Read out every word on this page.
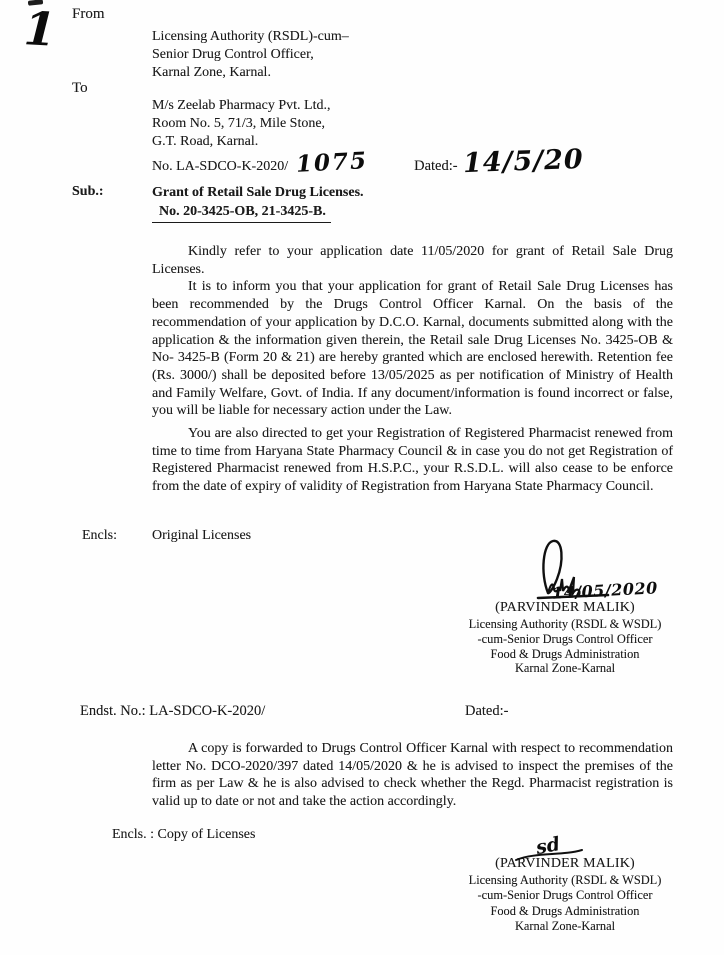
1 From
Licensing Authority (RSDL)-cum–
Senior Drug Control Officer,
Karnal Zone, Karnal.
To
M/s Zeelab Pharmacy Pvt. Ltd.,
Room No. 5, 71/3, Mile Stone,
G.T. Road, Karnal.
No. LA-SDCO-K-2020/ 1075	Dated:- 14/5/20
Sub.:	Grant of Retail Sale Drug Licenses.
No. 20-3425-OB, 21-3425-B.

Kindly refer to your application date 11/05/2020 for grant of Retail Sale Drug Licenses.

It is to inform you that your application for grant of Retail Sale Drug Licenses has been recommended by the Drugs Control Officer Karnal. On the basis of the recommendation of your application by D.C.O. Karnal, documents submitted along with the application & the information given therein, the Retail sale Drug Licenses No. 3425-OB & No- 3425-B (Form 20 & 21) are hereby granted which are enclosed herewith. Retention fee (Rs. 3000/) shall be deposited before 13/05/2025 as per notification of Ministry of Health and Family Welfare, Govt. of India. If any document/information is found incorrect or false, you will be liable for necessary action under the Law.

You are also directed to get your Registration of Registered Pharmacist renewed from time to time from Haryana State Pharmacy Council & in case you do not get Registration of Registered Pharmacist renewed from H.S.P.C., your R.S.D.L. will also cease to be enforce from the date of expiry of validity of Registration from Haryana State Pharmacy Council.

Encls:	Original Licenses
14/05/2020
(PARVINDER MALIK)
Licensing Authority (RSDL & WSDL)
-cum-Senior Drugs Control Officer
Food & Drugs Administration
Karnal Zone-Karnal
Endst. No.: LA-SDCO-K-2020/	Dated:-

A copy is forwarded to Drugs Control Officer Karnal with respect to recommendation letter No. DCO-2020/397 dated 14/05/2020 & he is advised to inspect the premises of the firm as per Law & he is also advised to check whether the Regd. Pharmacist registration is valid up to date or not and take the action accordingly.

Encls. : Copy of Licenses	sd
(PARVINDER MALIK)
Licensing Authority (RSDL & WSDL)
-cum-Senior Drugs Control Officer
Food & Drugs Administration
Karnal Zone-Karnal
